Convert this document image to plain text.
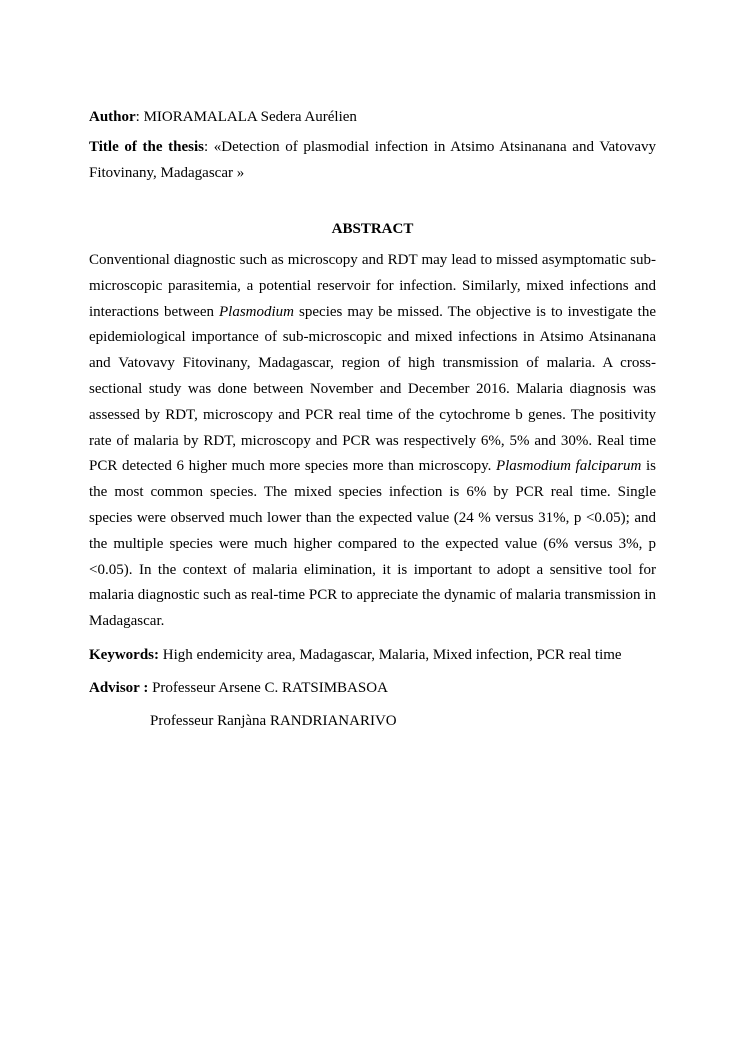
Author: MIORAMALALA Sedera Aurélien

Title of the thesis: «Detection of plasmodial infection in Atsimo Atsinanana and Vatovavy Fitovinany, Madagascar »

ABSTRACT

Conventional diagnostic such as microscopy and RDT may lead to missed asymptomatic sub-microscopic parasitemia, a potential reservoir for infection. Similarly, mixed infections and interactions between Plasmodium species may be missed. The objective is to investigate the epidemiological importance of sub-microscopic and mixed infections in Atsimo Atsinanana and Vatovavy Fitovinany, Madagascar, region of high transmission of malaria. A cross-sectional study was done between November and December 2016. Malaria diagnosis was assessed by RDT, microscopy and PCR real time of the cytochrome b genes. The positivity rate of malaria by RDT, microscopy and PCR was respectively 6%, 5% and 30%. Real time PCR detected 6 higher much more species more than microscopy. Plasmodium falciparum is the most common species. The mixed species infection is 6% by PCR real time. Single species were observed much lower than the expected value (24 % versus 31%, p <0.05); and the multiple species were much higher compared to the expected value (6% versus 3%, p <0.05). In the context of malaria elimination, it is important to adopt a sensitive tool for malaria diagnostic such as real-time PCR to appreciate the dynamic of malaria transmission in Madagascar.

Keywords: High endemicity area, Madagascar, Malaria, Mixed infection, PCR real time

Advisor : Professeur Arsene C. RATSIMBASOA

Professeur Ranjàna RANDRIANARIVO
